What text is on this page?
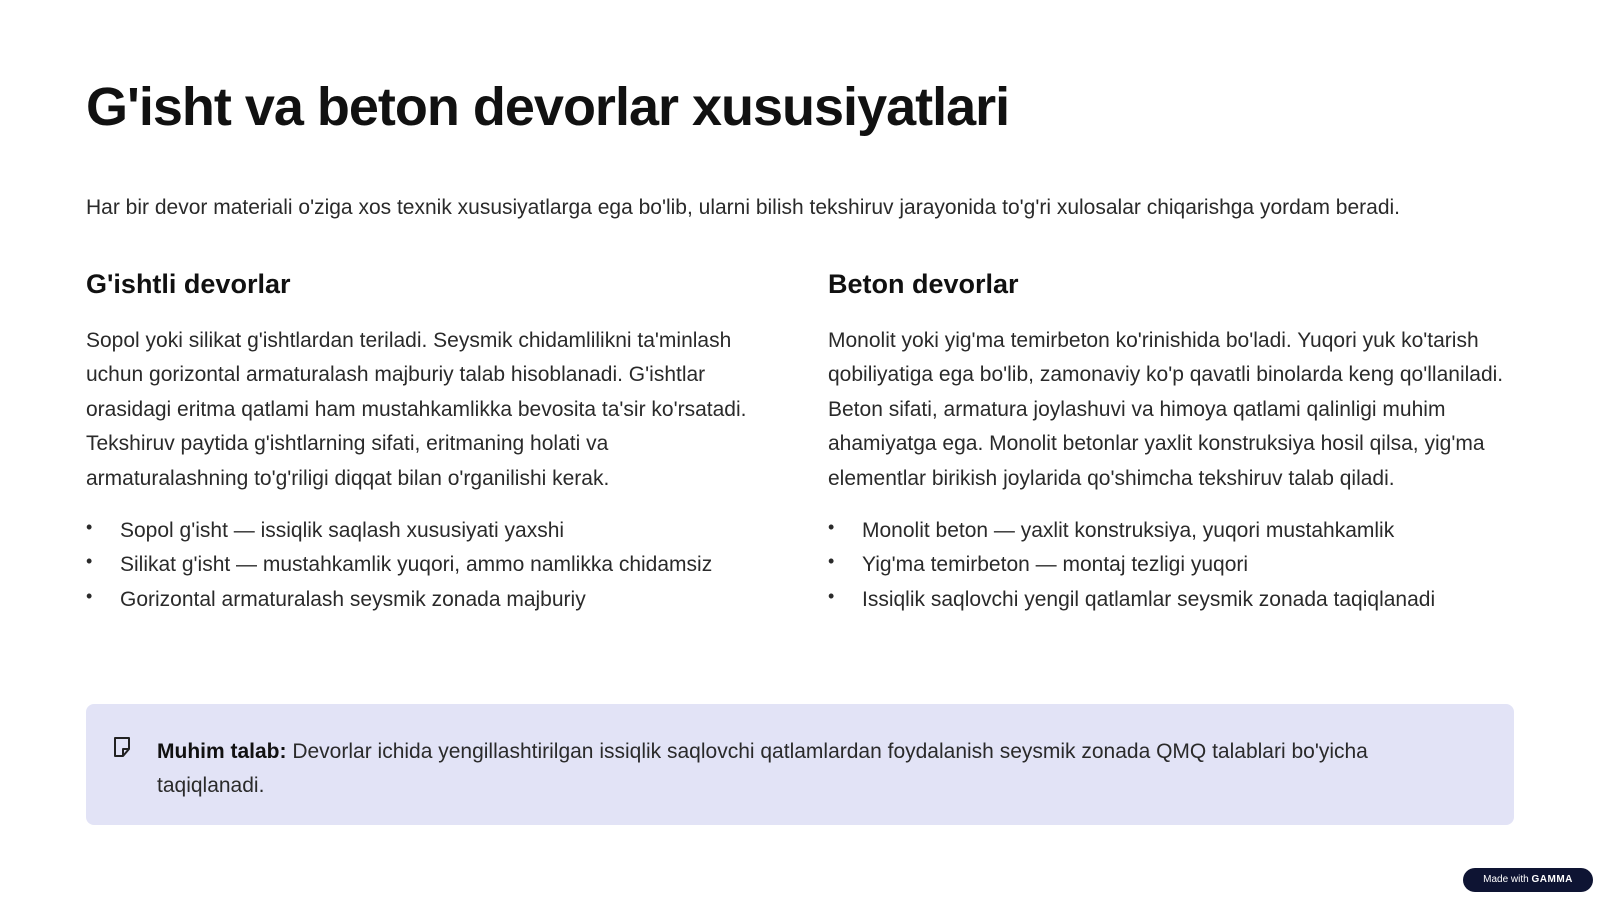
G'isht va beton devorlar xususiyatlari

Har bir devor materiali o'ziga xos texnik xususiyatlarga ega bo'lib, ularni bilish tekshiruv jarayonida to'g'ri xulosalar chiqarishga yordam beradi.

G'ishtli devorlar

Sopol yoki silikat g'ishtlardan teriladi. Seysmik chidamlilikni ta'minlash uchun gorizontal armaturalash majburiy talab hisoblanadi. G'ishtlar orasidagi eritma qatlami ham mustahkamlikka bevosita ta'sir ko'rsatadi. Tekshiruv paytida g'ishtlarning sifati, eritmaning holati va armaturalashning to'g'riligi diqqat bilan o'rganilishi kerak.

• Sopol g'isht — issiqlik saqlash xususiyati yaxshi
• Silikat g'isht — mustahkamlik yuqori, ammo namlikka chidamsiz
• Gorizontal armaturalash seysmik zonada majburiy
Beton devorlar

Monolit yoki yig'ma temirbeton ko'rinishida bo'ladi. Yuqori yuk ko'tarish qobiliyatiga ega bo'lib, zamonaviy ko'p qavatli binolarda keng qo'llaniladi. Beton sifati, armatura joylashuvi va himoya qatlami qalinligi muhim ahamiyatga ega. Monolit betonlar yaxlit konstruksiya hosil qilsa, yig'ma elementlar birikish joylarida qo'shimcha tekshiruv talab qiladi.

• Monolit beton — yaxlit konstruksiya, yuqori mustahkamlik
• Yig'ma temirbeton — montaj tezligi yuqori
• Issiqlik saqlovchi yengil qatlamlar seysmik zonada taqiqlanadi

Muhim talab: Devorlar ichida yengillashtirilgan issiqlik saqlovchi qatlamlardan foydalanish seysmik zonada QMQ talablari bo'yicha taqiqlanadi.

Made with GAMMA
